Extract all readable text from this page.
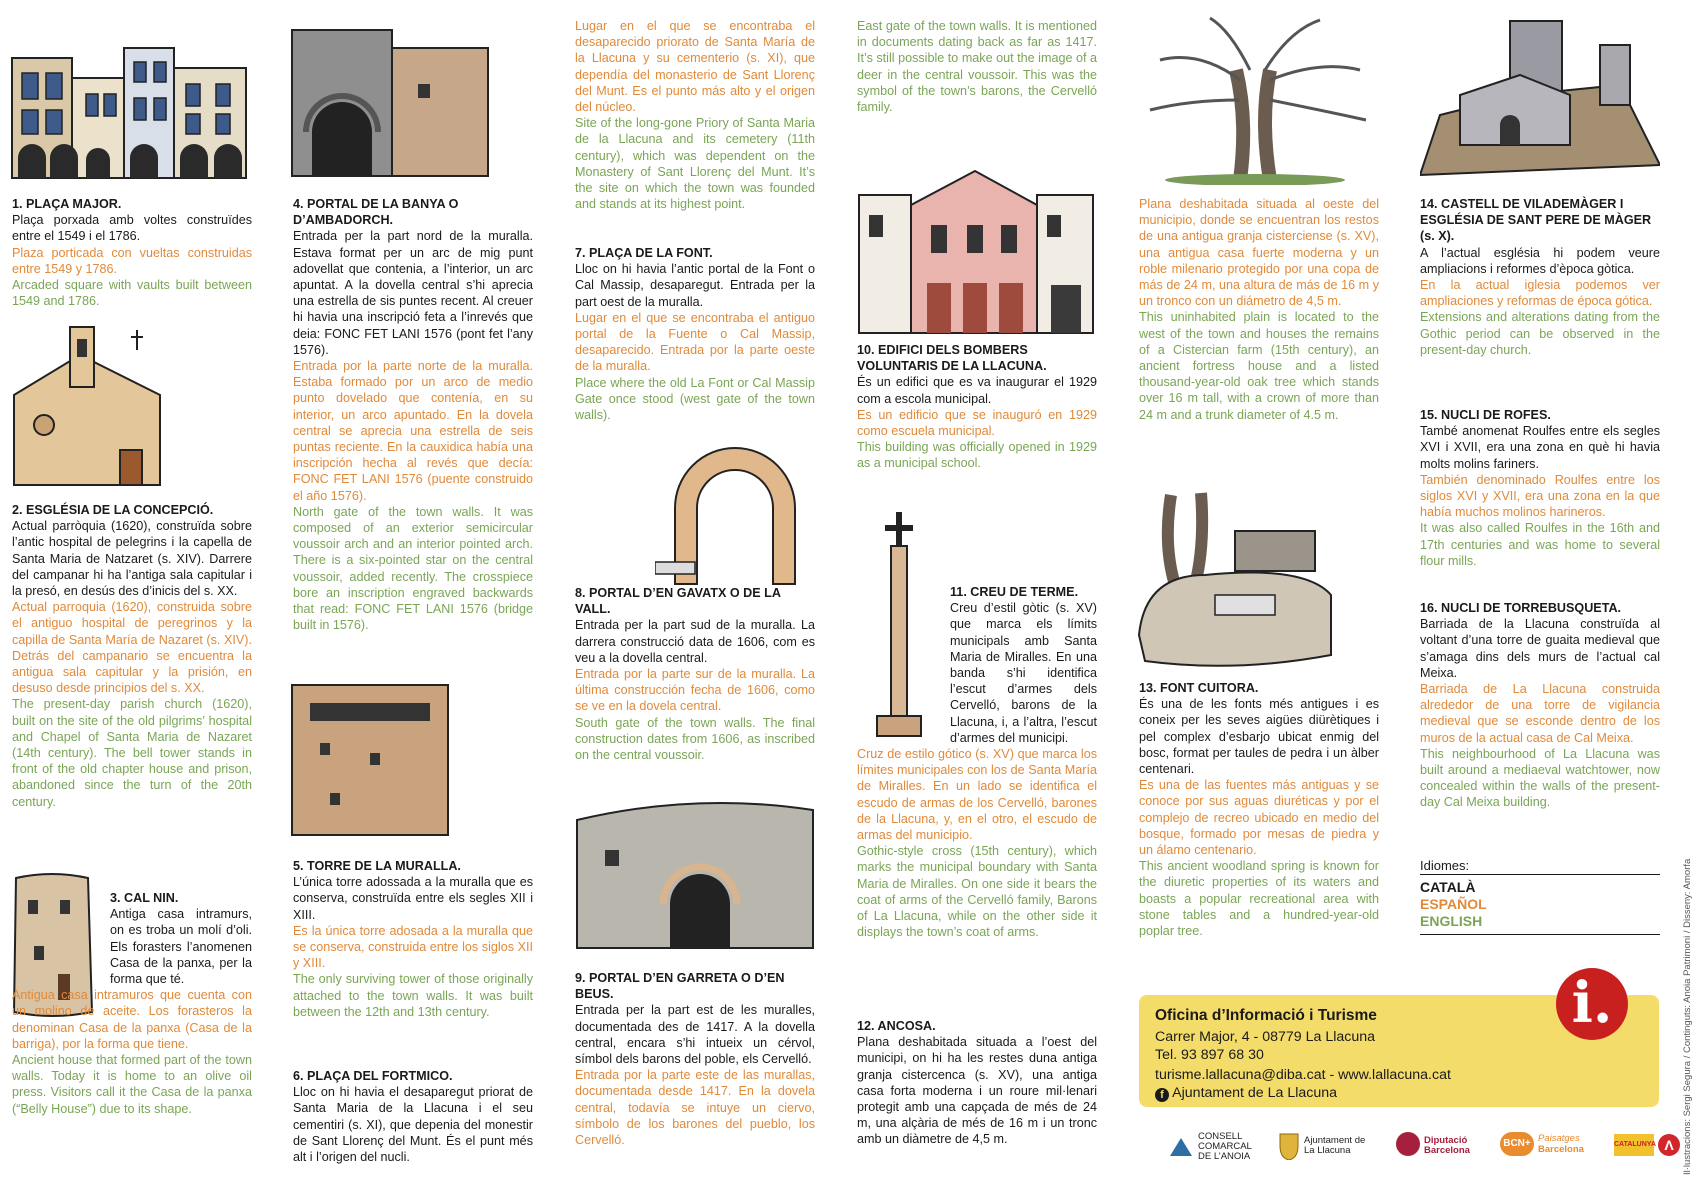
1. PLAÇA MAJOR.

Plaça porxada amb voltes construïdes entre el 1549 i el 1786.

Plaza porticada con vueltas construidas entre 1549 y 1786.

Arcaded square with vaults built between 1549 and 1786.

2. ESGLÉSIA DE LA CONCEPCIÓ.

Actual parròquia (1620), construïda sobre l’antic hospital de pelegrins i la capella de Santa Maria de Natzaret (s. XIV). Darrere del campanar hi ha l’antiga sala capitular i la presó, en desús des d’inicis del s. XX.

Actual parroquia (1620), construida sobre el antiguo hospital de peregrinos y la capilla de Santa María de Nazaret (s. XIV). Detrás del campanario se encuentra la antigua sala capitular y la prisión, en desuso desde principios del s. XX.

The present-day parish church (1620), built on the site of the old pilgrims’ hospital and Chapel of Santa Maria de Nazaret (14th century). The bell tower stands in front of the old chapter house and prison, abandoned since the turn of the 20th century.

3. CAL NIN.

Antiga casa intramurs, on es troba un molí d’oli. Els forasters l’anomenen Casa de la panxa, per la forma que té.

Antigua casa intramuros que cuenta con un molino de aceite. Los forasteros la denominan Casa de la panxa (Casa de la barriga), por la forma que tiene.

Ancient house that formed part of the town walls. Today it is home to an olive oil press. Visitors call it the Casa de la panxa (“Belly House”) due to its shape.

4. PORTAL DE LA BANYA O D’AMBADORCH.

Entrada per la part nord de la muralla. Estava format per un arc de mig punt adovellat que contenia, a l’interior, un arc apuntat. A la dovella central s’hi aprecia una estrella de sis puntes recent. Al creuer hi havia una inscripció feta a l’inrevés que deia: FONC FET LANI 1576 (pont fet l’any 1576).

Entrada por la parte norte de la muralla. Estaba formado por un arco de medio punto dovelado que contenía, en su interior, un arco apuntado. En la dovela central se aprecia una estrella de seis puntas reciente. En la cauxidica había una inscripción hecha al revés que decía: FONC FET LANI 1576 (puente construido el año 1576).

North gate of the town walls. It was composed of an exterior semicircular voussoir arch and an interior pointed arch. There is a six-pointed star on the central voussoir, added recently. The crosspiece bore an inscription engraved backwards that read: FONC FET LANI 1576 (bridge built in 1576).

5. TORRE DE LA MURALLA.

L’única torre adossada a la muralla que es conserva, construïda entre els segles XII i XIII.

Es la única torre adosada a la muralla que se conserva, construida entre los siglos XII y XIII.

The only surviving tower of those originally attached to the town walls. It was built between the 12th and 13th century.

6. PLAÇA DEL FORTMICO.

Lloc on hi havia el desaparegut priorat de Santa Maria de la Llacuna i el seu cementiri (s. XI), que depenia del monestir de Sant Llorenç del Munt. És el punt més alt i l’origen del nucli.

Lugar en el que se encontraba el desaparecido priorato de Santa María de la Llacuna y su cementerio (s. XI), que dependía del monasterio de Sant Llorenç del Munt. Es el punto más alto y el origen del núcleo.

Site of the long-gone Priory of Santa Maria de la Llacuna and its cemetery (11th century), which was dependent on the Monastery of Sant Llorenç del Munt. It’s the site on which the town was founded and stands at its highest point.

7. PLAÇA DE LA FONT.

Lloc on hi havia l’antic portal de la Font o Cal Massip, desaparegut. Entrada per la part oest de la muralla.

Lugar en el que se encontraba el antiguo portal de la Fuente o Cal Massip, desaparecido. Entrada por la parte oeste de la muralla.

Place where the old La Font or Cal Massip Gate once stood (west gate of the town walls).

8. PORTAL D’EN GAVATX O DE LA VALL.

Entrada per la part sud de la muralla. La darrera construcció data de 1606, com es veu a la dovella central.

Entrada por la parte sur de la muralla. La última construcción fecha de 1606, como se ve en la dovela central.

South gate of the town walls. The final construction dates from 1606, as inscribed on the central voussoir.

9. PORTAL D’EN GARRETA O D’EN BEUS.

Entrada per la part est de les muralles, documentada des de 1417. A la dovella central, encara s’hi intueix un cérvol, símbol dels barons del poble, els Cervelló.

Entrada por la parte este de las murallas, documentada desde 1417. En la dovela central, todavía se intuye un ciervo, símbolo de los barones del pueblo, los Cervelló.

East gate of the town walls. It is mentioned in documents dating back as far as 1417. It’s still possible to make out the image of a deer in the central voussoir. This was the symbol of the town’s barons, the Cervelló family.

10. EDIFICI DELS BOMBERS VOLUNTARIS DE LA LLACUNA.

És un edifici que es va inaugurar el 1929 com a escola municipal.

Es un edificio que se inauguró en 1929 como escuela municipal.

This building was officially opened in 1929 as a municipal school.

11. CREU DE TERME.

Creu d’estil gòtic (s. XV) que marca els límits municipals amb Santa Maria de Miralles. En una banda s’hi identifica l’escut d’armes dels Cervelló, barons de la Llacuna, i, a l’altra, l’escut d’armes del municipi.

Cruz de estilo gótico (s. XV) que marca los límites municipales con los de Santa María de Miralles. En un lado se identifica el escudo de armas de los Cervelló, barones de la Llacuna, y, en el otro, el escudo de armas del municipio.

Gothic-style cross (15th century), which marks the municipal boundary with Santa Maria de Miralles. On one side it bears the coat of arms of the Cervelló family, Barons of La Llacuna, while on the other side it displays the town’s coat of arms.

12. ANCOSA.

Plana deshabitada situada a l’oest del municipi, on hi ha les restes duna antiga granja cistercenca (s. XV), una antiga casa forta moderna i un roure mil·lenari protegit amb una capçada de més de 24 m, una alçària de més de 16 m i un tronc amb un diàmetre de 4,5 m.

Plana deshabitada situada al oeste del municipio, donde se encuentran los restos de una antigua granja cisterciense (s. XV), una antigua casa fuerte moderna y un roble milenario protegido por una copa de más de 24 m, una altura de más de 16 m y un tronco con un diámetro de 4,5 m.

This uninhabited plain is located to the west of the town and houses the remains of a Cistercian farm (15th century), an ancient fortress house and a listed thousand-year-old oak tree which stands over 16 m tall, with a crown of more than 24 m and a trunk diameter of 4.5 m.

13. FONT CUITORA.

És una de les fonts més antigues i es coneix per les seves aigües diürètiques i pel complex d’esbarjo ubicat enmig del bosc, format per taules de pedra i un àlber centenari.

Es una de las fuentes más antiguas y se conoce por sus aguas diuréticas y por el complejo de recreo ubicado en medio del bosque, formado por mesas de piedra y un álamo centenario.

This ancient woodland spring is known for the diuretic properties of its waters and boasts a popular recreational area with stone tables and a hundred-year-old poplar tree.

14. CASTELL DE VILADEMÀGER I ESGLÉSIA DE SANT PERE DE MÀGER (s. X).

A l’actual església hi podem veure ampliacions i reformes d’època gòtica.

En la actual iglesia podemos ver ampliaciones y reformas de época gótica.

Extensions and alterations dating from the Gothic period can be observed in the present-day church.

15. NUCLI DE ROFES.

També anomenat Roulfes entre els segles XVI i XVII, era una zona en què hi havia molts molins fariners.

También denominado Roulfes entre los siglos XVI y XVII, era una zona en la que había muchos molinos harineros.

It was also called Roulfes in the 16th and 17th centuries and was home to several flour mills.

16. NUCLI DE TORREBUSQUETA.

Barriada de la Llacuna construïda al voltant d’una torre de guaita medieval que s’amaga dins dels murs de l’actual cal Meixa.

Barriada de La Llacuna construida alrededor de una torre de vigilancia medieval que se esconde dentro de los muros de la actual casa de Cal Meixa.

This neighbourhood of La Llacuna was built around a mediaeval watchtower, now concealed within the walls of the present-day Cal Meixa building.

Idiomes:
CATALÀ
ESPAÑOL
ENGLISH
Oficina d’Informació i Turisme
Carrer Major, 4 - 08779 La Llacuna
Tel. 93 897 68 30
turisme.lallacuna@diba.cat - www.lallacuna.cat
f Ajuntament de La Llacuna
i.
CONSELL COMARCAL DE L’ANOIA
Ajuntament de La Llacuna
Diputació Barcelona
BCN+ Paisatges
Barcelona	CATALUNYA Λ Il·lustracions: Sergi Segura / Continguts: Anoia Patrimoni / Disseny: Amorfa
